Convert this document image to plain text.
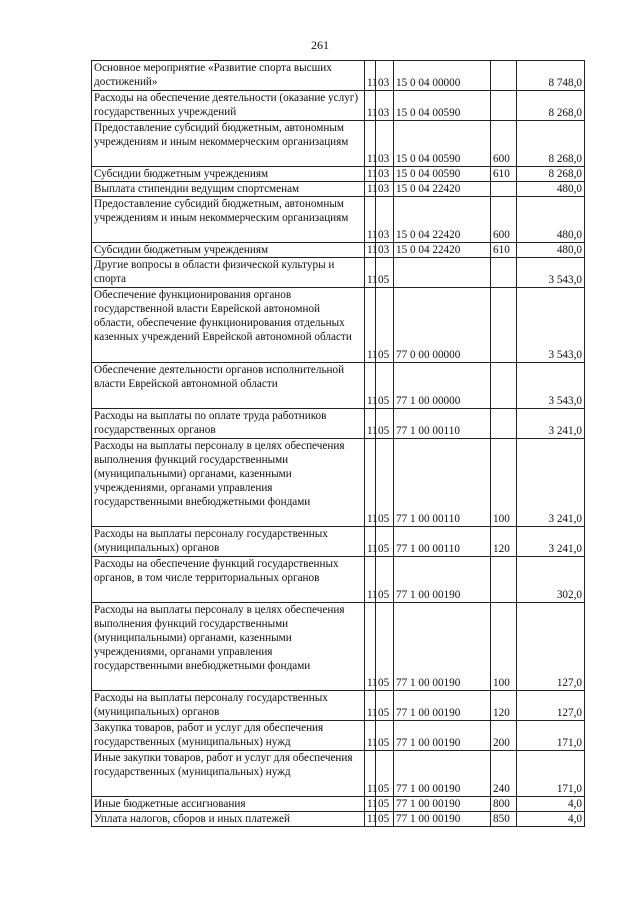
261
Основное мероприятие «Развитие спорта высших достижений»	11	03	15 0 04 00000		8 748,0
Расходы на обеспечение деятельности (оказание услуг) государственных учреждений	11	03	15 0 04 00590		8 268,0
Предоставление субсидий бюджетным, автономным учреждениям и иным некоммерческим организациям	11	03	15 0 04 00590	600	8 268,0
Субсидии бюджетным учреждениям	11	03	15 0 04 00590	610	8 268,0
Выплата стипендии ведущим спортсменам	11	03	15 0 04 22420		480,0
Предоставление субсидий бюджетным, автономным учреждениям и иным некоммерческим организациям	11	03	15 0 04 22420	600	480,0
Субсидии бюджетным учреждениям	11	03	15 0 04 22420	610	480,0
Другие вопросы в области физической культуры и спорта	11	05			3 543,0
Обеспечение функционирования органов государственной власти Еврейской автономной области, обеспечение функционирования отдельных казенных учреждений Еврейской автономной области	11	05	77 0 00 00000		3 543,0
Обеспечение деятельности органов исполнительной власти Еврейской автономной области	11	05	77 1 00 00000		3 543,0
Расходы на выплаты по оплате труда работников государственных органов	11	05	77 1 00 00110		3 241,0
Расходы на выплаты персоналу в целях обеспечения выполнения функций государственными (муниципальными) органами, казенными учреждениями, органами управления государственными внебюджетными фондами	11	05	77 1 00 00110	100	3 241,0
Расходы на выплаты персоналу государственных (муниципальных) органов	11	05	77 1 00 00110	120	3 241,0
Расходы на обеспечение функций государственных органов, в том числе территориальных органов	11	05	77 1 00 00190		302,0
Расходы на выплаты персоналу в целях обеспечения выполнения функций государственными (муниципальными) органами, казенными учреждениями, органами управления государственными внебюджетными фондами	11	05	77 1 00 00190	100	127,0
Расходы на выплаты персоналу государственных (муниципальных) органов	11	05	77 1 00 00190	120	127,0
Закупка товаров, работ и услуг для обеспечения государственных (муниципальных) нужд	11	05	77 1 00 00190	200	171,0
Иные закупки товаров, работ и услуг для обеспечения государственных (муниципальных) нужд	11	05	77 1 00 00190	240	171,0
Иные бюджетные ассигнования	11	05	77 1 00 00190	800	4,0
Уплата налогов, сборов и иных платежей	11	05	77 1 00 00190	850	4,0
